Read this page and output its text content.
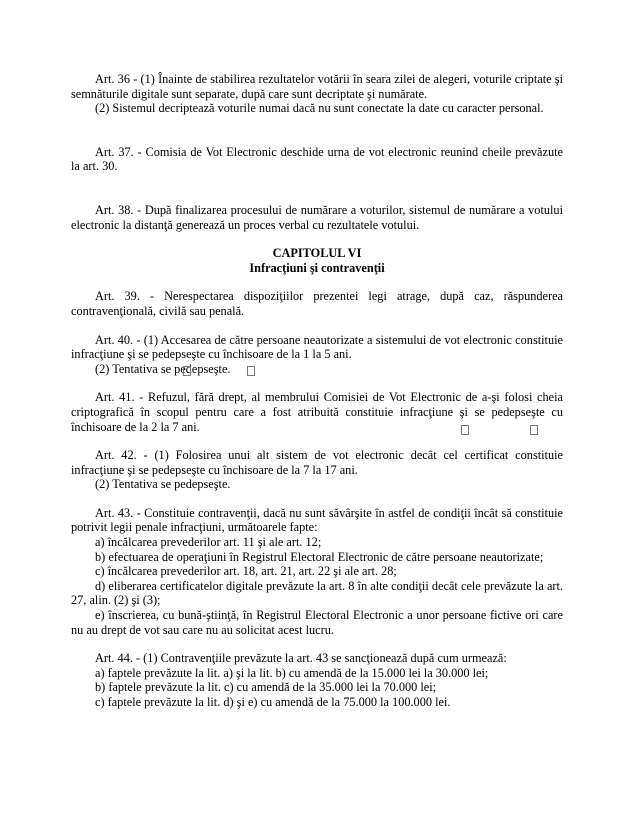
Art. 36 - (1) Înainte de stabilirea rezultatelor votării în seara zilei de alegeri, voturile criptate şi semnăturile digitale sunt separate, după care sunt decriptate şi numărate.

(2) Sistemul decriptează voturile numai dacă nu sunt conectate la date cu caracter personal.

Art. 37. - Comisia de Vot Electronic deschide urna de vot electronic reunind cheile prevăzute la art. 30.

Art. 38. - După finalizarea procesului de numărare a voturilor, sistemul de numărare a votului electronic la distanţă generează un proces verbal cu rezultatele votului.

CAPITOLUL VI

Infracţiuni şi contravenţii

Art. 39. - Nerespectarea dispoziţiilor prezentei legi atrage, după caz, răspunderea contravenţională, civilă sau penală.

Art. 40. - (1) Accesarea de către persoane neautorizate a sistemului de vot electronic constituie infracţiune şi se pedepseşte cu închisoare de la 1 la 5 ani.

(2) Tentativa se pedepseşte.

Art. 41. - Refuzul, fără drept, al membrului Comisiei de Vot Electronic de a-şi folosi cheia criptografică în scopul pentru care a fost atribuită constituie infracţiune şi se pedepseşte cu închisoare de la 2 la 7 ani.

Art. 42. - (1) Folosirea unui alt sistem de vot electronic decât cel certificat constituie infracţiune şi se pedepseşte cu închisoare de la 7 la 17 ani.

(2) Tentativa se pedepseşte.

Art. 43. - Constituie contravenţii, dacă nu sunt săvârşite în astfel de condiţii încât să constituie potrivit legii penale infracţiuni, următoarele fapte:

a) încălcarea prevederilor art. 11 şi ale art. 12;

b) efectuarea de operaţiuni în Registrul Electoral Electronic de către persoane neautorizate;

c) încălcarea prevederilor art. 18, art. 21, art. 22 şi ale art. 28;

d) eliberarea certificatelor digitale prevăzute la art. 8 în alte condiţii decât cele prevăzute la art. 27, alin. (2) şi (3);

e) înscrierea, cu bună-ştiinţă, în Registrul Electoral Electronic a unor persoane fictive ori care nu au drept de vot sau care nu au solicitat acest lucru.

Art. 44. - (1) Contravenţiile prevăzute la art. 43 se sancţionează după cum urmează:

a) faptele prevăzute la lit. a) şi la lit. b) cu amendă de la 15.000 lei la 30.000 lei;

b) faptele prevăzute la lit. c) cu amendă de la 35.000 lei la 70.000 lei;

c) faptele prevăzute la lit. d) şi e) cu amendă de la 75.000 la 100.000 lei.
